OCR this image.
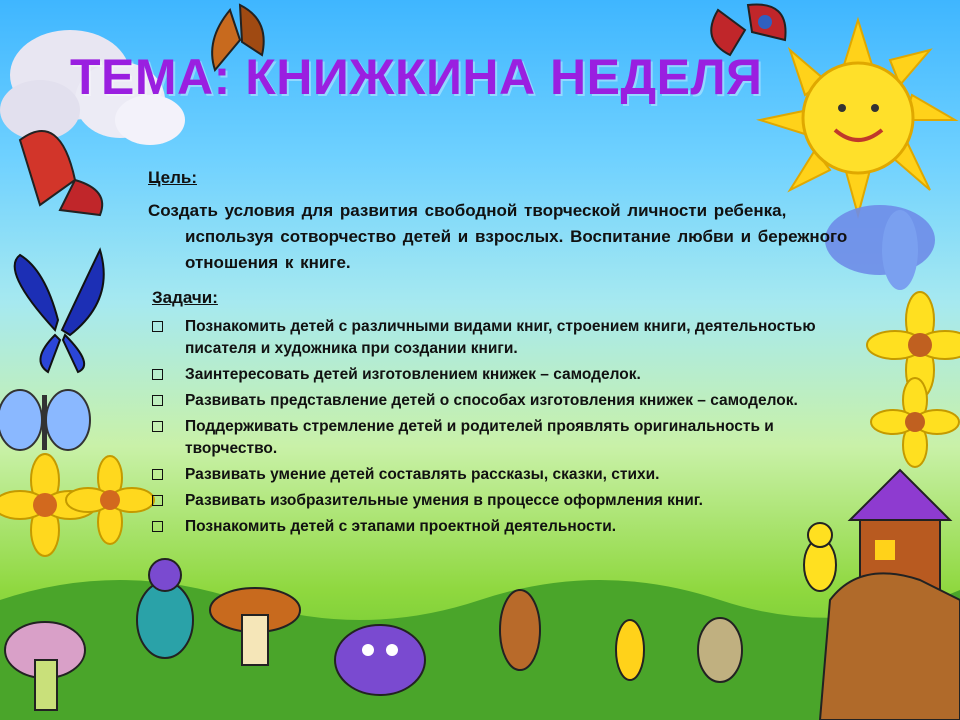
ТЕМА: КНИЖКИНА НЕДЕЛЯ

Цель:

Создать условия для развития свободной творческой личности ребенка, используя сотворчество детей и взрослых. Воспитание любви и бережного отношения к книге.

Задачи:

Познакомить детей с различными видами книг, строением книги, деятельностью писателя и художника при создании книги.
Заинтересовать детей изготовлением книжек – самоделок.
Развивать представление детей о способах изготовления книжек – самоделок.
Поддерживать стремление детей и родителей проявлять оригинальность и творчество.
Развивать умение детей составлять рассказы, сказки, стихи.
Развивать изобразительные умения в процессе оформления книг.
Познакомить детей с этапами проектной деятельности.
